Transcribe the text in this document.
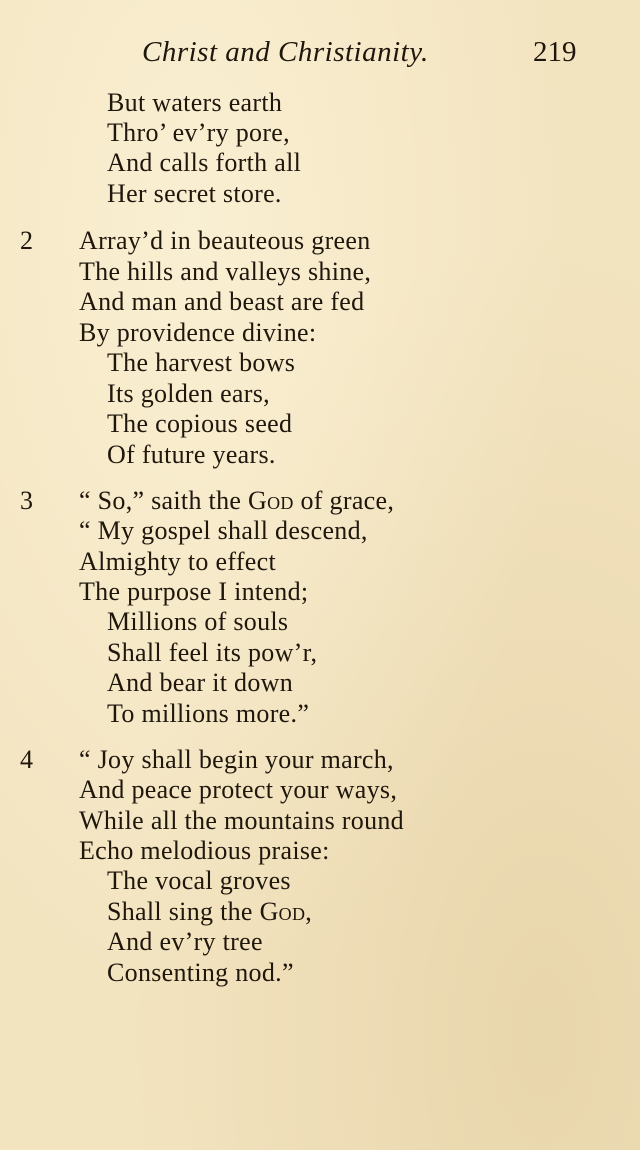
Christ and Christianity.	219
But waters earth
Thro’ ev’ry pore,
And calls forth all
Her secret store.
2 Array’d in beauteous green
The hills and valleys shine,
And man and beast are fed
By providence divine:
The harvest bows
Its golden ears,
The copious seed
Of future years.
3 “ So,” saith the God of grace,
“ My gospel shall descend,
Almighty to effect
The purpose I intend;
Millions of souls
Shall feel its pow’r,
And bear it down
To millions more.”
4 “ Joy shall begin your march,
And peace protect your ways,
While all the mountains round
Echo melodious praise:
The vocal groves
Shall sing the God,
And ev’ry tree
Consenting nod.”
